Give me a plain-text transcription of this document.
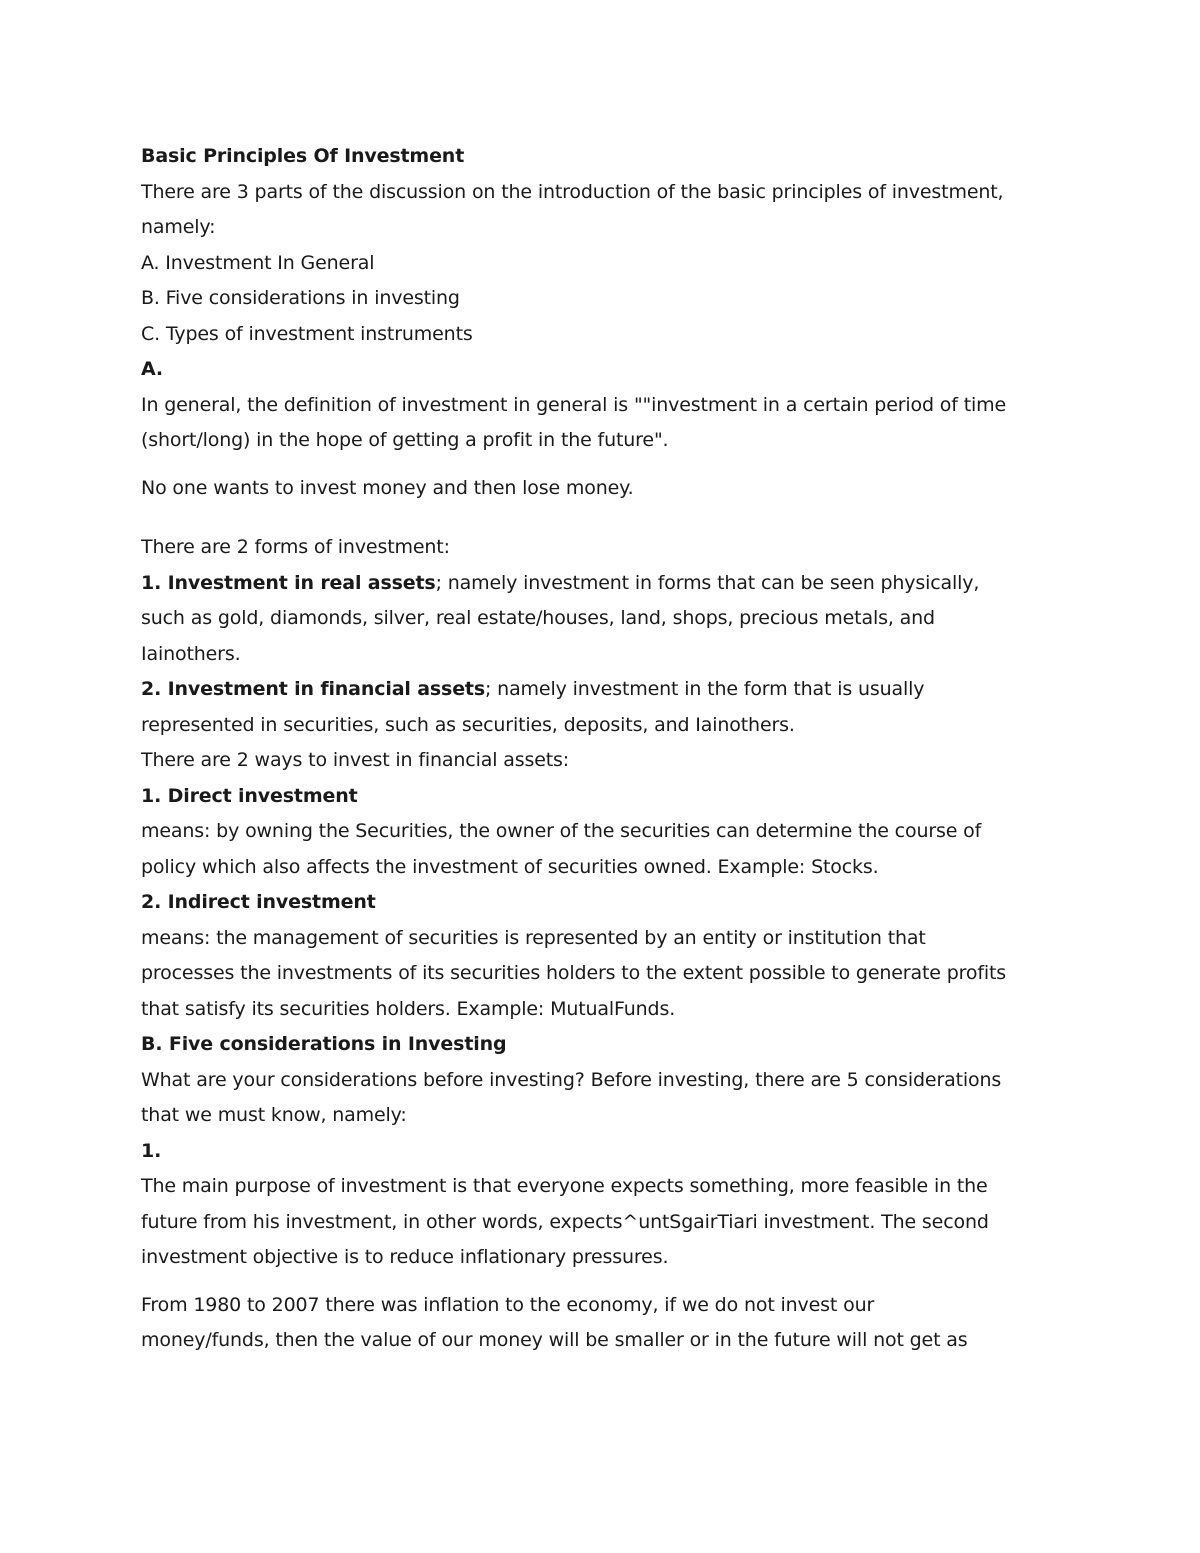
Basic Principles Of Investment
There are 3 parts of the discussion on the introduction of the basic principles of investment,
namely:
A. Investment In General
B. Five considerations in investing
C. Types of investment instruments
A.
In general, the definition of investment in general is ""investment in a certain period of time
(short/long) in the hope of getting a profit in the future".
No one wants to invest money and then lose money.
There are 2 forms of investment:
1. Investment in real assets; namely investment in forms that can be seen physically,
such as gold, diamonds, silver, real estate/houses, land, shops, precious metals, and
Iainothers.
2. Investment in financial assets; namely investment in the form that is usually
represented in securities, such as securities, deposits, and Iainothers.
There are 2 ways to invest in financial assets:
1. Direct investment
means: by owning the Securities, the owner of the securities can determine the course of
policy which also affects the investment of securities owned. Example: Stocks.
2. Indirect investment
means: the management of securities is represented by an entity or institution that
processes the investments of its securities holders to the extent possible to generate profits
that satisfy its securities holders. Example: MutualFunds.
B. Five considerations in Investing
What are your considerations before investing? Before investing, there are 5 considerations
that we must know, namely:
1.
The main purpose of investment is that everyone expects something, more feasible in the
future from his investment, in other words, expects^untSgairTiari investment. The second
investment objective is to reduce inflationary pressures.
From 1980 to 2007 there was inflation to the economy, if we do not invest our
money/funds, then the value of our money will be smaller or in the future will not get as
